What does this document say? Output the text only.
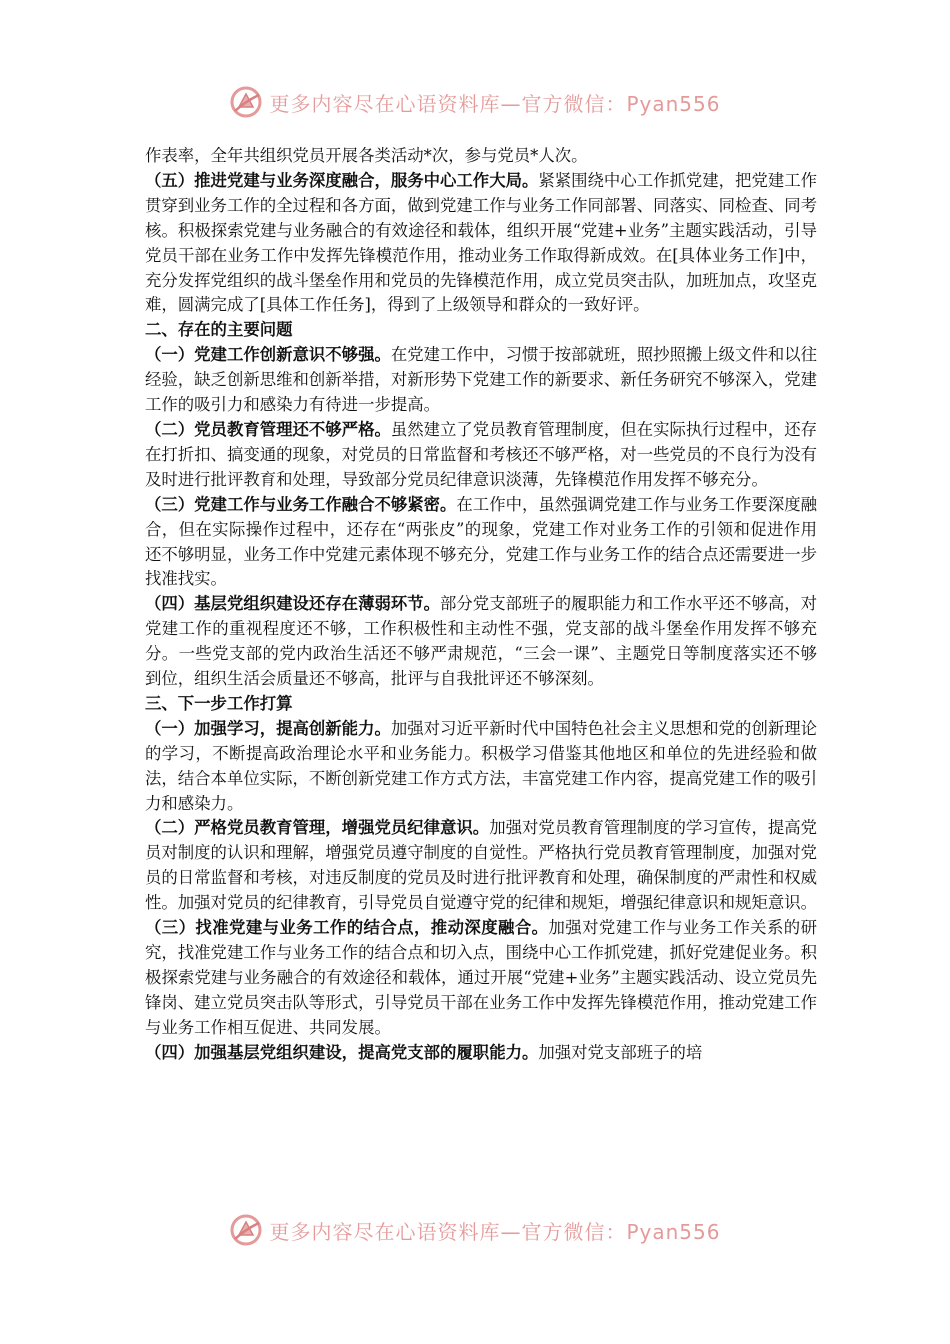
更多内容尽在心语资料库—官方微信：Pyan556

作表率，全年共组织党员开展各类活动*次，参与党员*人次。

（五）推进党建与业务深度融合，服务中心工作大局。紧紧围绕中心工作抓党建，把党建工作贯穿到业务工作的全过程和各方面，做到党建工作与业务工作同部署、同落实、同检查、同考核。积极探索党建与业务融合的有效途径和载体，组织开展“党建+业务”主题实践活动，引导党员干部在业务工作中发挥先锋模范作用，推动业务工作取得新成效。在[具体业务工作]中，充分发挥党组织的战斗堡垒作用和党员的先锋模范作用，成立党员突击队，加班加点，攻坚克难，圆满完成了[具体工作任务]，得到了上级领导和群众的一致好评。

二、存在的主要问题

（一）党建工作创新意识不够强。在党建工作中，习惯于按部就班，照抄照搬上级文件和以往经验，缺乏创新思维和创新举措，对新形势下党建工作的新要求、新任务研究不够深入，党建工作的吸引力和感染力有待进一步提高。

（二）党员教育管理还不够严格。虽然建立了党员教育管理制度，但在实际执行过程中，还存在打折扣、搞变通的现象，对党员的日常监督和考核还不够严格，对一些党员的不良行为没有及时进行批评教育和处理，导致部分党员纪律意识淡薄，先锋模范作用发挥不够充分。

（三）党建工作与业务工作融合不够紧密。在工作中，虽然强调党建工作与业务工作要深度融合，但在实际操作过程中，还存在“两张皮”的现象，党建工作对业务工作的引领和促进作用还不够明显，业务工作中党建元素体现不够充分，党建工作与业务工作的结合点还需要进一步找准找实。

（四）基层党组织建设还存在薄弱环节。部分党支部班子的履职能力和工作水平还不够高，对党建工作的重视程度还不够，工作积极性和主动性不强，党支部的战斗堡垒作用发挥不够充分。一些党支部的党内政治生活还不够严肃规范，“三会一课”、主题党日等制度落实还不够到位，组织生活会质量还不够高，批评与自我批评还不够深刻。

三、下一步工作打算

（一）加强学习，提高创新能力。加强对习近平新时代中国特色社会主义思想和党的创新理论的学习，不断提高政治理论水平和业务能力。积极学习借鉴其他地区和单位的先进经验和做法，结合本单位实际，不断创新党建工作方式方法，丰富党建工作内容，提高党建工作的吸引力和感染力。

（二）严格党员教育管理，增强党员纪律意识。加强对党员教育管理制度的学习宣传，提高党员对制度的认识和理解，增强党员遵守制度的自觉性。严格执行党员教育管理制度，加强对党员的日常监督和考核，对违反制度的党员及时进行批评教育和处理，确保制度的严肃性和权威性。加强对党员的纪律教育，引导党员自觉遵守党的纪律和规矩，增强纪律意识和规矩意识。

（三）找准党建与业务工作的结合点，推动深度融合。加强对党建工作与业务工作关系的研究，找准党建工作与业务工作的结合点和切入点，围绕中心工作抓党建，抓好党建促业务。积极探索党建与业务融合的有效途径和载体，通过开展“党建+业务”主题实践活动、设立党员先锋岗、建立党员突击队等形式，引导党员干部在业务工作中发挥先锋模范作用，推动党建工作与业务工作相互促进、共同发展。

（四）加强基层党组织建设，提高党支部的履职能力。加强对党支部班子的培

更多内容尽在心语资料库—官方微信：Pyan556
